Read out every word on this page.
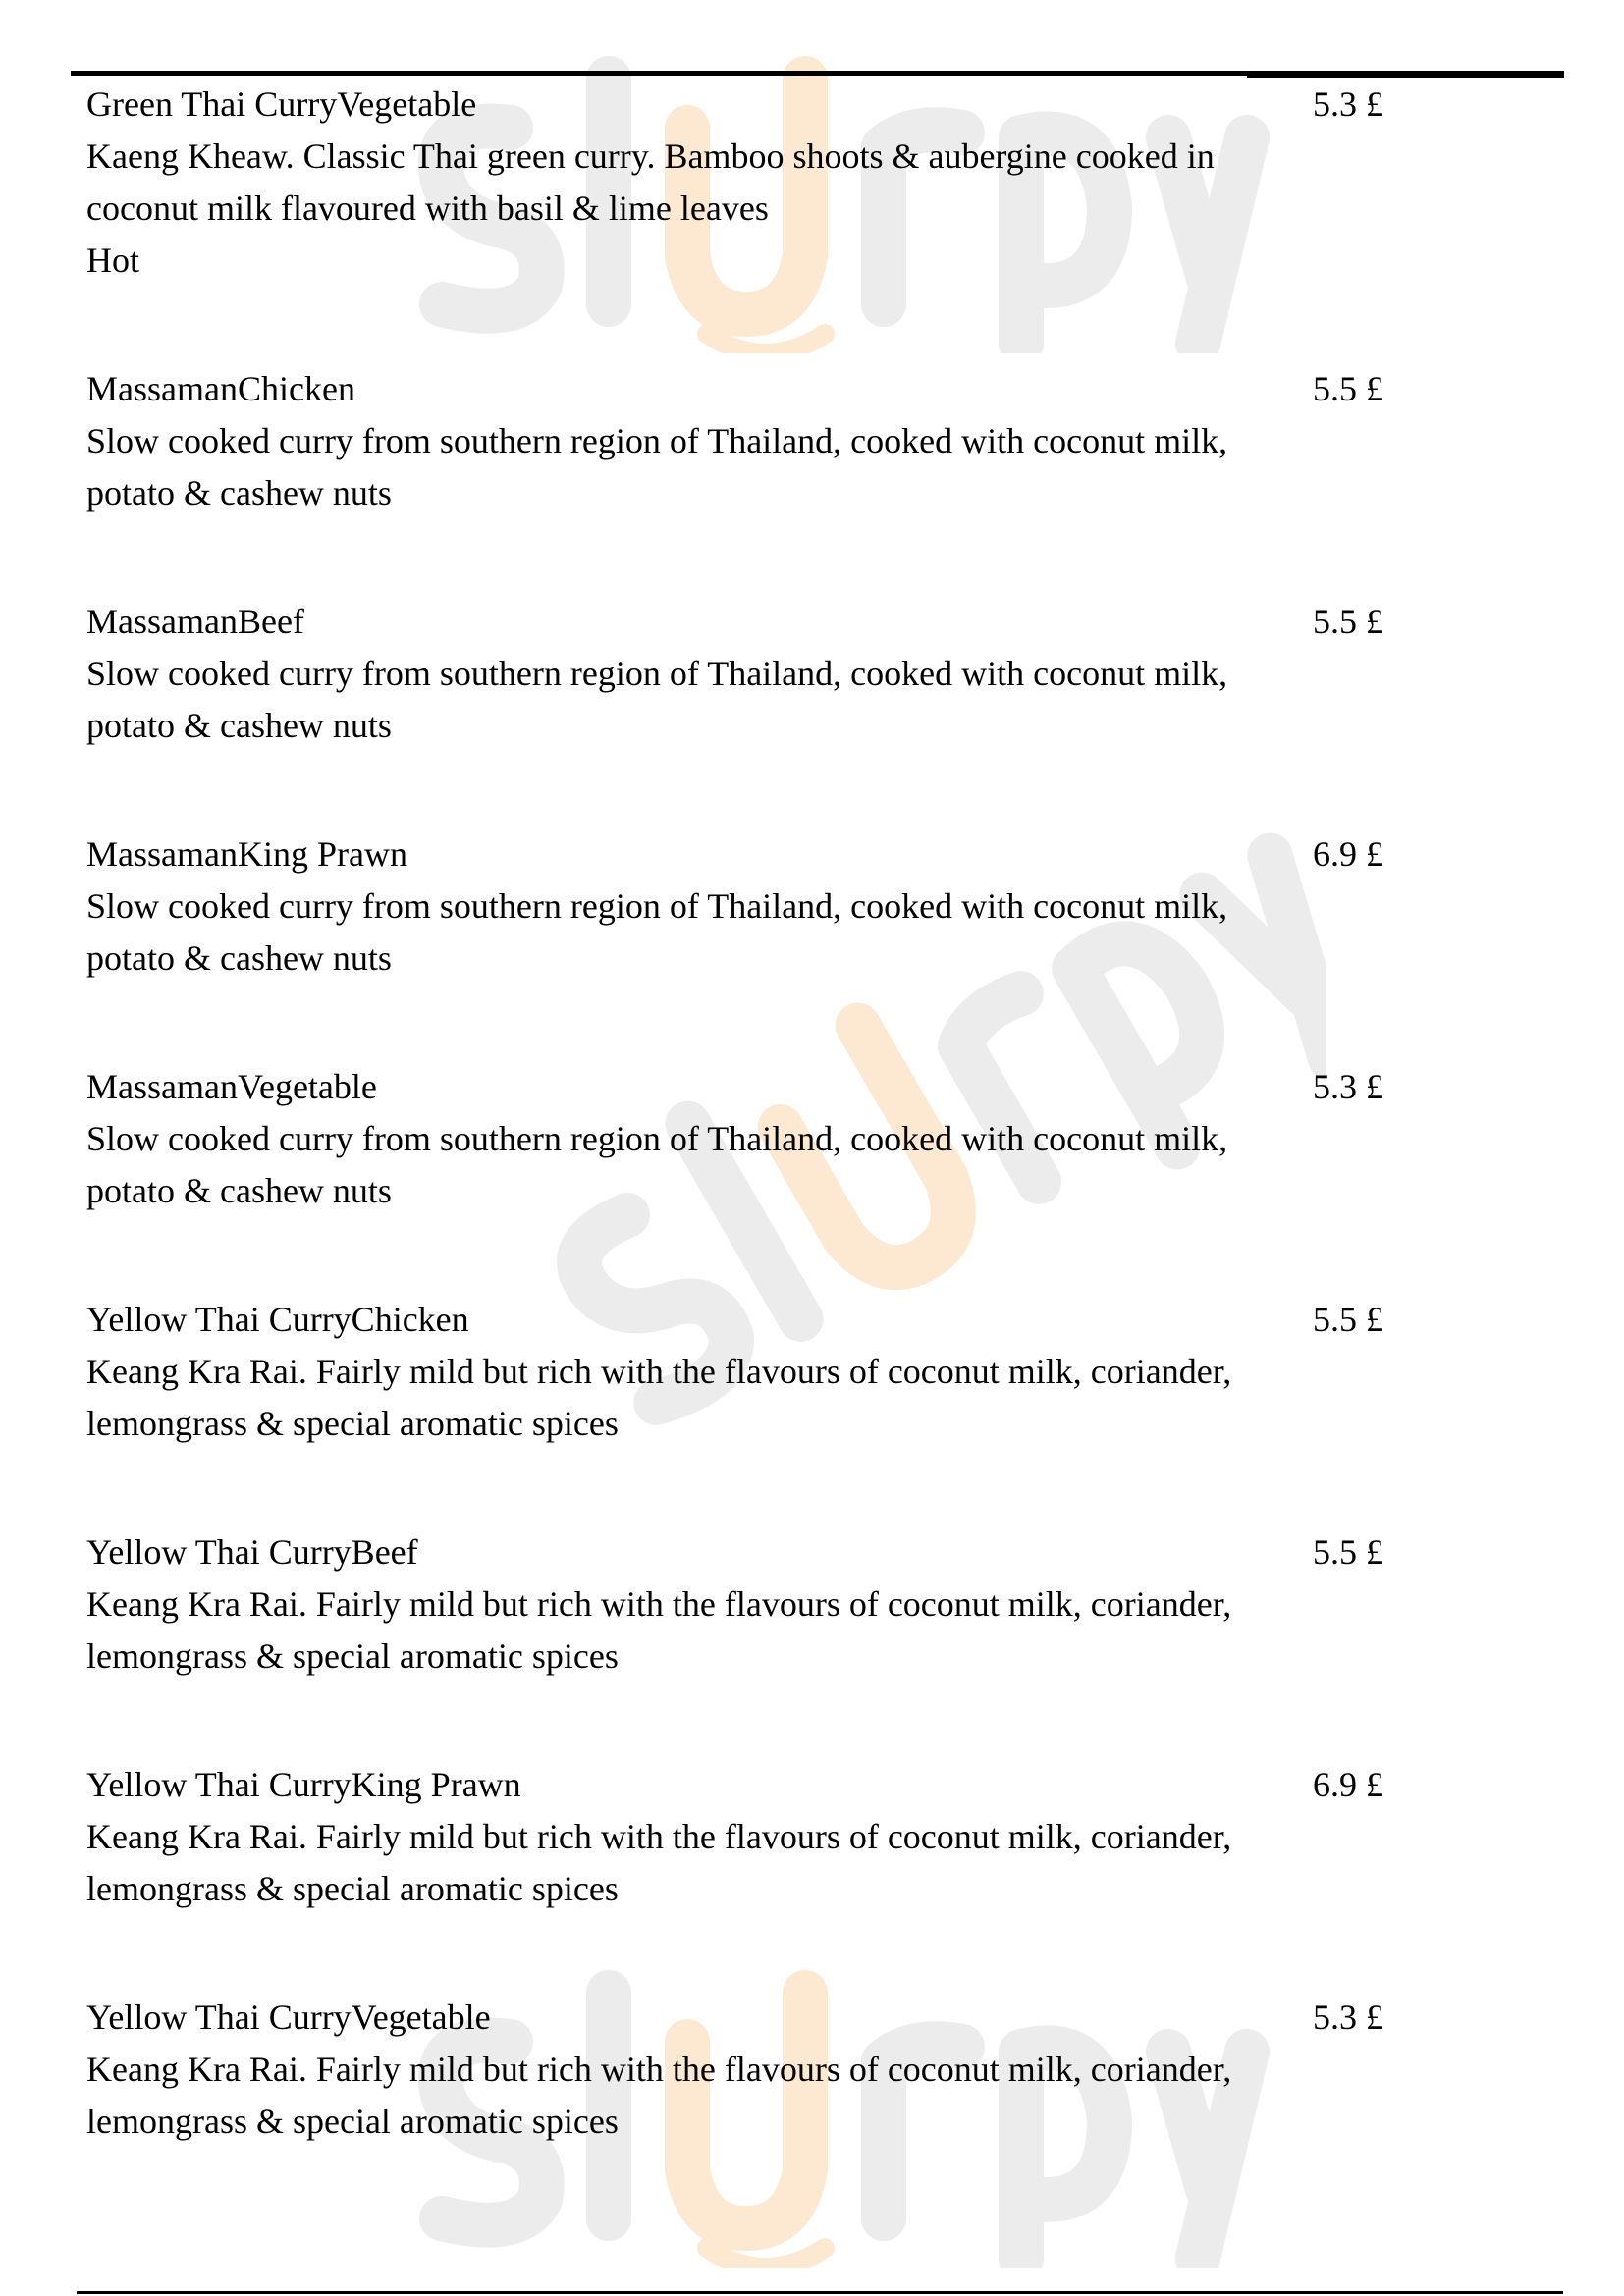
Green Thai CurryVegetable
Kaeng Kheaw. Classic Thai green curry. Bamboo shoots & aubergine cooked in coconut milk flavoured with basil & lime leaves
Hot
5.3 £
MassamanChicken
Slow cooked curry from southern region of Thailand, cooked with coconut milk, potato & cashew nuts
5.5 £
MassamanBeef
Slow cooked curry from southern region of Thailand, cooked with coconut milk, potato & cashew nuts
5.5 £
MassamanKing Prawn
Slow cooked curry from southern region of Thailand, cooked with coconut milk, potato & cashew nuts
6.9 £
MassamanVegetable
Slow cooked curry from southern region of Thailand, cooked with coconut milk, potato & cashew nuts
5.3 £
Yellow Thai CurryChicken
Keang Kra Rai. Fairly mild but rich with the flavours of coconut milk, coriander, lemongrass & special aromatic spices
5.5 £
Yellow Thai CurryBeef
Keang Kra Rai. Fairly mild but rich with the flavours of coconut milk, coriander, lemongrass & special aromatic spices
5.5 £
Yellow Thai CurryKing Prawn
Keang Kra Rai. Fairly mild but rich with the flavours of coconut milk, coriander, lemongrass & special aromatic spices
6.9 £
Yellow Thai CurryVegetable
Keang Kra Rai. Fairly mild but rich with the flavours of coconut milk, coriander, lemongrass & special aromatic spices
5.3 £
